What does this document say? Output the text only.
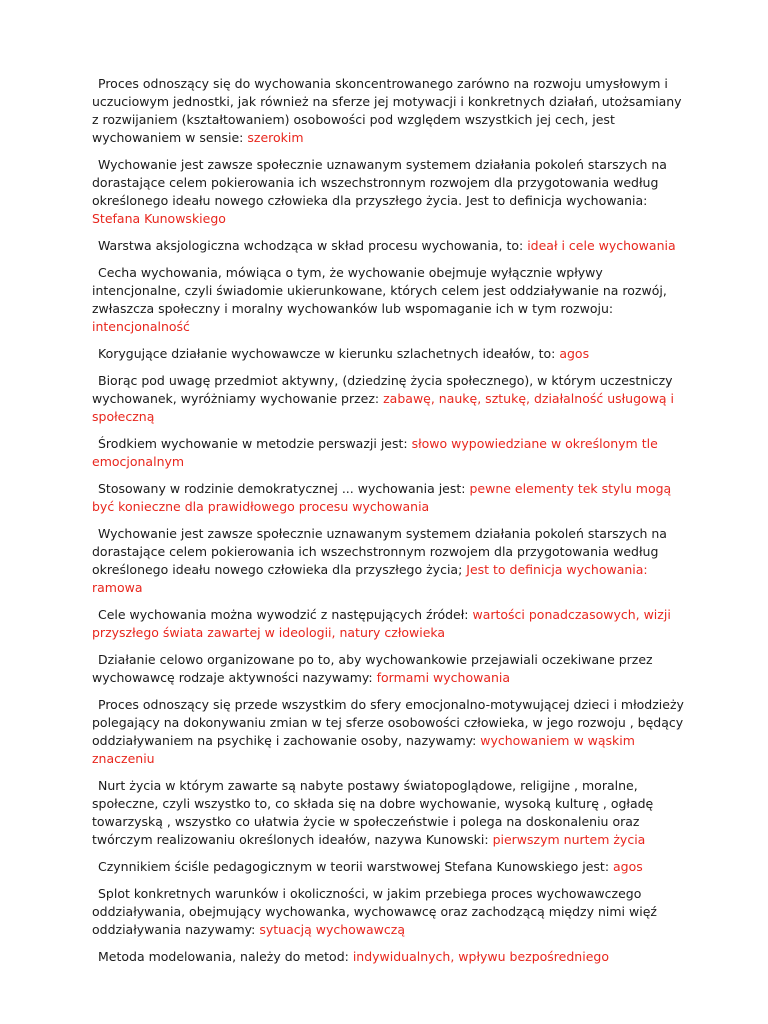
Proces odnoszący się do wychowania skoncentrowanego zarówno na rozwoju umysłowym i uczuciowym jednostki, jak również na sferze jej motywacji i konkretnych działań, utożsamiany z rozwijaniem (kształtowaniem) osobowości pod względem wszystkich jej cech, jest wychowaniem w sensie: szerokim

Wychowanie jest zawsze społecznie uznawanym systemem działania pokoleń starszych na dorastające celem pokierowania ich wszechstronnym rozwojem dla przygotowania według określonego ideału nowego człowieka dla przyszłego życia. Jest to definicja wychowania: Stefana Kunowskiego

Warstwa aksjologiczna wchodząca w skład procesu wychowania, to: ideał i cele wychowania

Cecha wychowania, mówiąca o tym, że wychowanie obejmuje wyłącznie wpływy intencjonalne, czyli świadomie ukierunkowane, których celem jest oddziaływanie na rozwój, zwłaszcza społeczny i moralny wychowanków lub wspomaganie ich w tym rozwoju: intencjonalność

Korygujące działanie wychowawcze w kierunku szlachetnych ideałów, to: agos

Biorąc pod uwagę przedmiot aktywny, (dziedzinę życia społecznego), w którym uczestniczy wychowanek, wyróżniamy wychowanie przez: zabawę, naukę, sztukę, działalność usługową i społeczną

Środkiem wychowanie w metodzie perswazji jest: słowo wypowiedziane w określonym tle emocjonalnym

Stosowany w rodzinie demokratycznej ... wychowania jest: pewne elementy tek stylu mogą być konieczne dla prawidłowego procesu wychowania

Wychowanie jest zawsze społecznie uznawanym systemem działania pokoleń starszych na dorastające celem pokierowania ich wszechstronnym rozwojem dla przygotowania według określonego ideału nowego człowieka dla przyszłego życia; Jest to definicja wychowania: ramowa

Cele wychowania można wywodzić z następujących źródeł: wartości ponadczasowych, wizji przyszłego świata zawartej w ideologii, natury człowieka

Działanie celowo organizowane po to, aby wychowankowie przejawiali oczekiwane przez wychowawcę rodzaje aktywności nazywamy: formami wychowania

Proces odnoszący się przede wszystkim do sfery emocjonalno-motywującej dzieci i młodzieży polegający na dokonywaniu zmian w tej sferze osobowości człowieka, w jego rozwoju , będący oddziaływaniem na psychikę i zachowanie osoby, nazywamy: wychowaniem w wąskim znaczeniu

Nurt życia w którym zawarte są nabyte postawy światopoglądowe, religijne , moralne, społeczne, czyli wszystko to, co składa się na dobre wychowanie, wysoką kulturę , ogładę towarzyską , wszystko co ułatwia życie w społeczeństwie i polega na doskonaleniu oraz twórczym realizowaniu określonych ideałów, nazywa Kunowski: pierwszym nurtem życia

Czynnikiem ściśle pedagogicznym w teorii warstwowej Stefana Kunowskiego jest: agos

Splot konkretnych warunków i okoliczności, w jakim przebiega proces wychowawczego oddziaływania, obejmujący wychowanka, wychowawcę oraz zachodzącą między nimi więź oddziaływania nazywamy: sytuacją wychowawczą

Metoda modelowania, należy do metod: indywidualnych, wpływu bezpośredniego
